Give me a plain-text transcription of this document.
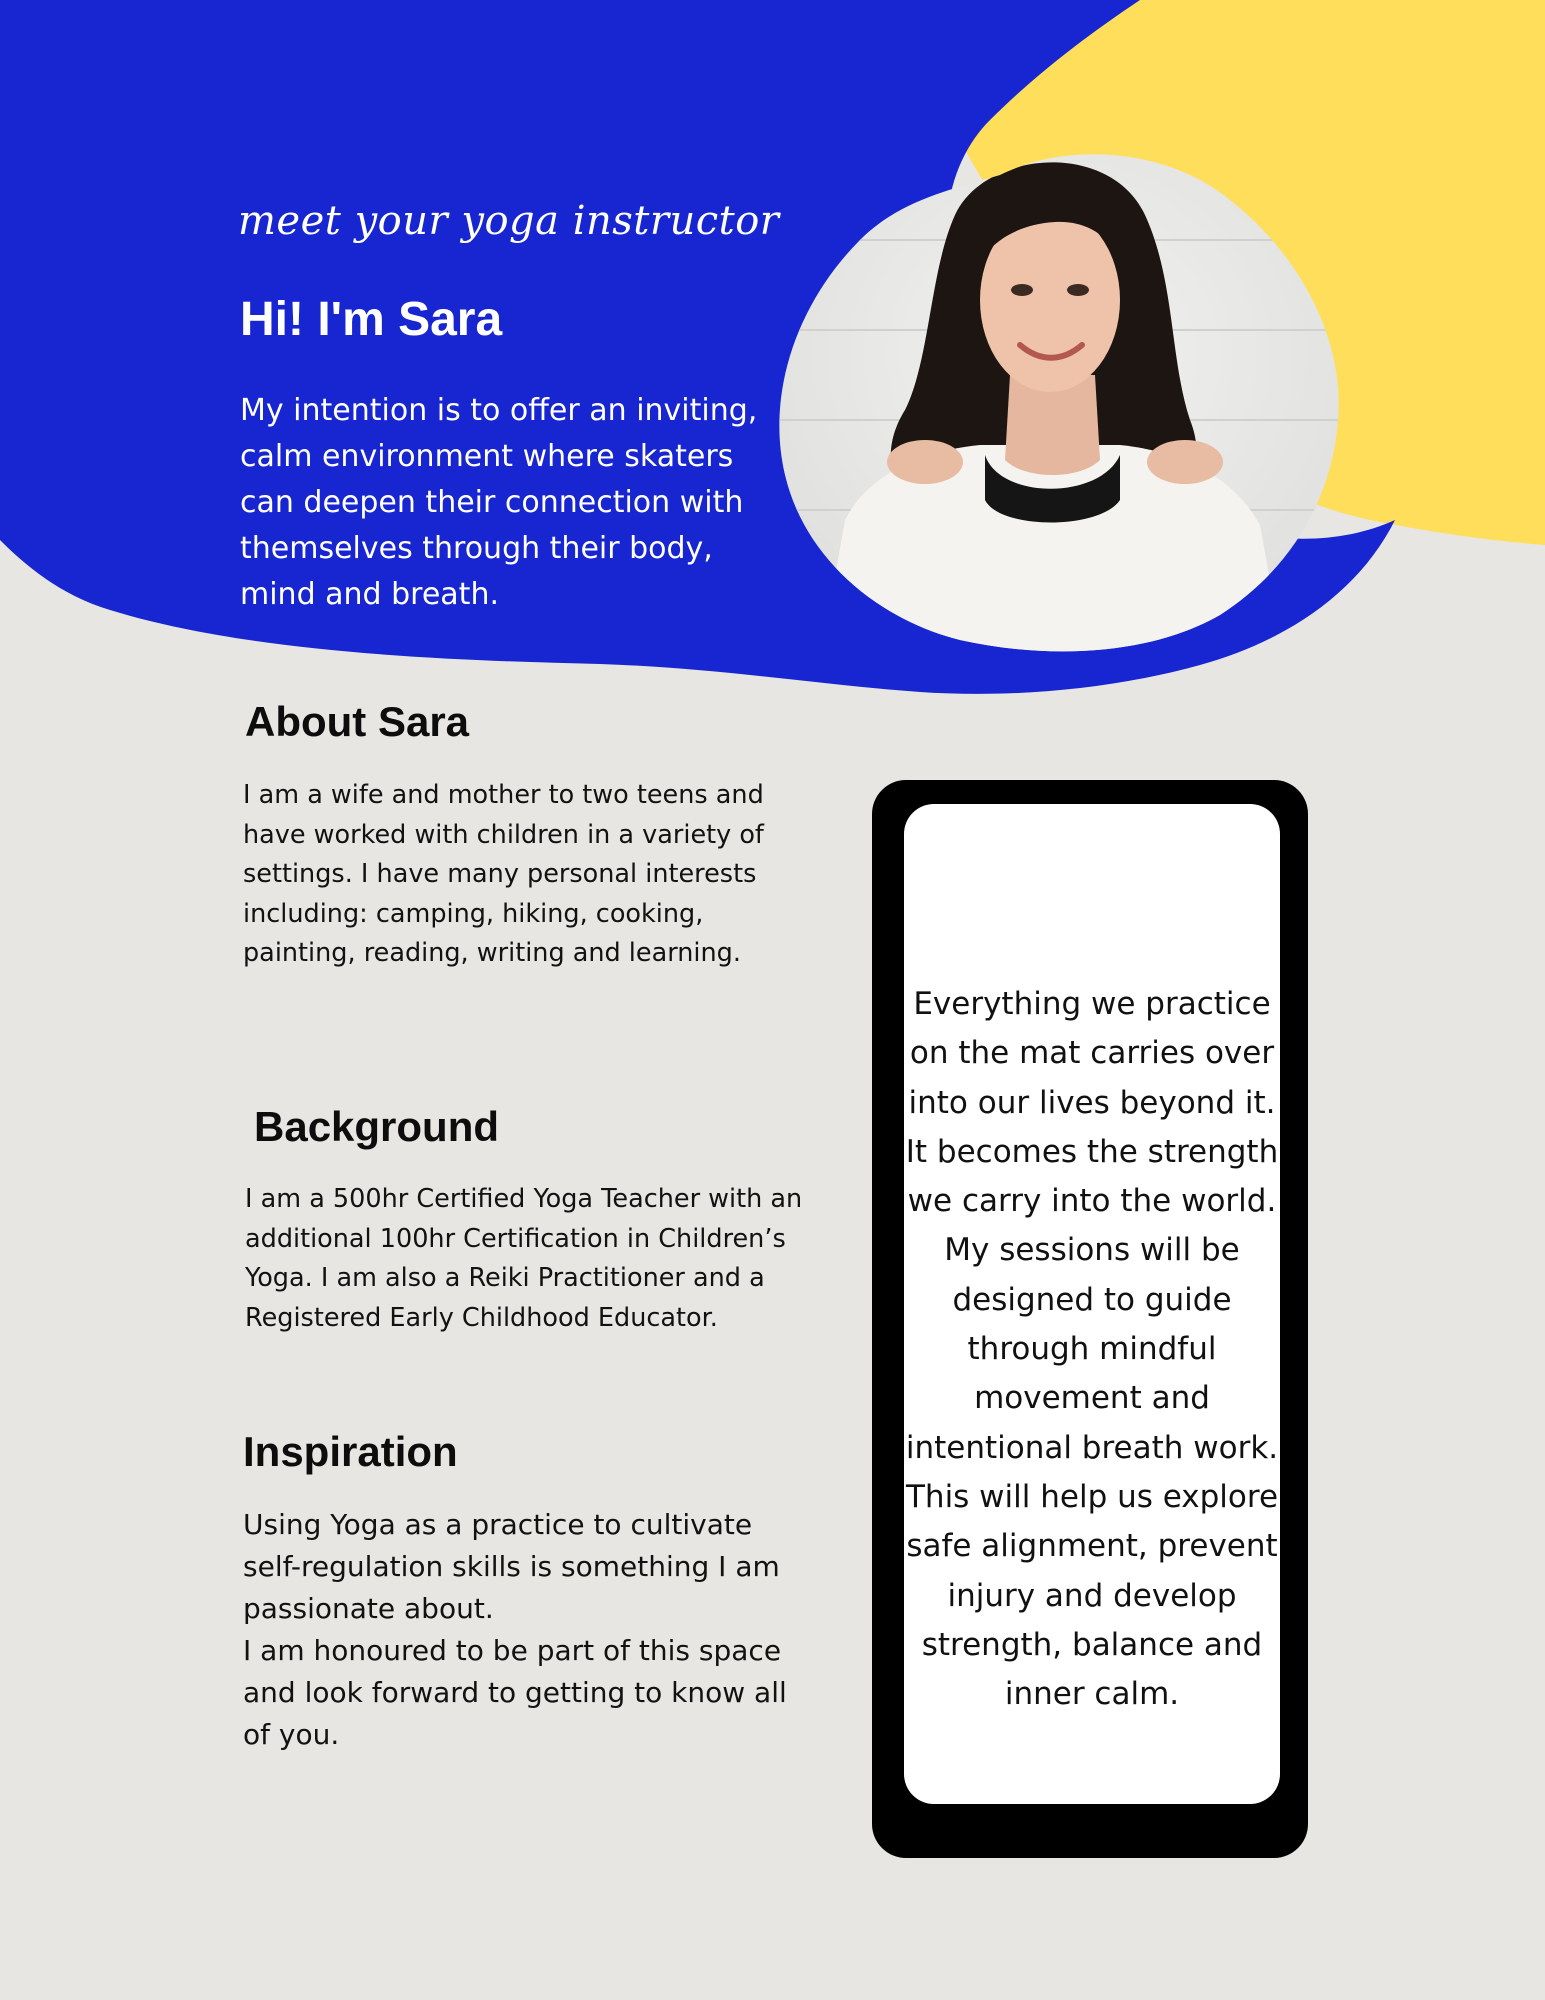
meet your yoga instructor

Hi! I'm Sara

My intention is to offer an inviting, calm environment where skaters can deepen their connection with themselves through their body, mind and breath.

About Sara

I am a wife and mother to two teens and have worked with children in a variety of settings. I have many personal interests including: camping, hiking, cooking, painting, reading, writing and learning.

Background

I am a 500hr Certified Yoga Teacher with an additional 100hr Certification in Children’s Yoga. I am also a Reiki Practitioner and a Registered Early Childhood Educator.

Inspiration
Using Yoga as a practice to cultivate self-regulation skills is something I am passionate about.
I am honoured to be part of this space and look forward to getting to know all of you.

Everything we practice on the mat carries over into our lives beyond it. It becomes the strength we carry into the world. My sessions will be designed to guide through mindful movement and intentional breath work. This will help us explore safe alignment, prevent injury and develop strength, balance and inner calm.
